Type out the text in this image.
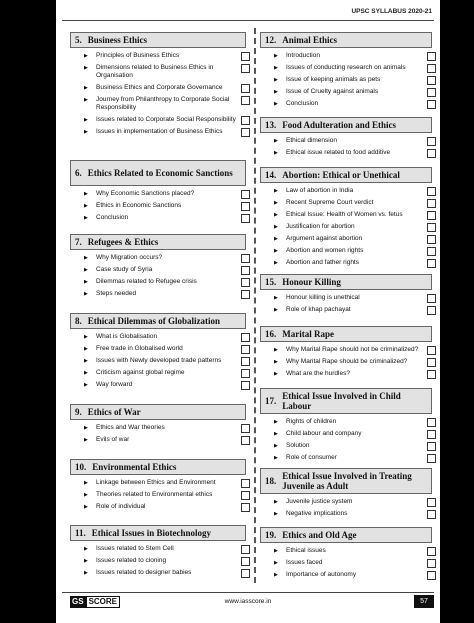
UPSC SYLLABUS 2020-21
5. Business Ethics
▶ Principles of Business Ethics
▶ Dimensions related to Business Ethics in Organisation
▶ Business Ethics and Corporate Governance
▶ Journey from Philanthropy to Corporate Social Responsibility
▶ Issues related to Corporate Social Responsibility
▶ Issues in implementation of Business Ethics
6. Ethics Related to Economic Sanctions
▶ Why Economic Sanctions placed?
▶ Ethics in Economic Sanctions
▶ Conclusion
7. Refugees & Ethics
▶ Why Migration occurs?
▶ Case study of Syria
▶ Dilemmas related to Refugee crisis
▶ Steps needed
8. Ethical Dilemmas of Globalization
▶ What is Globalisation
▶ Free trade in Globalised world
▶ Issues with Newly developed trade patterns
▶ Criticism against global regime
▶ Way forward
9. Ethics of War
▶ Ethics and War theories
▶ Evils of war
10. Environmental Ethics
▶ Linkage between Ethics and Environment
▶ Theories related to Environmental ethics
▶ Role of individual
11. Ethical Issues in Biotechnology
▶ Issues related to Stem Cell
▶ Issues related to cloning
▶ Issues related to designer babies
12. Animal Ethics
▶ Introduction
▶ Issues of conducting research on animals
▶ Issue of keeping animals as pets
▶ Issue of Cruelty against animals
▶ Conclusion
13. Food Adulteration and Ethics
▶ Ethical dimension
▶ Ethical issue related to food additive
14. Abortion: Ethical or Unethical
▶ Law of abortion in India
▶ Recent Supreme Court verdict
▶ Ethical Issue: Health of Women vs. fetus
▶ Justification for abortion
▶ Argument against abortion
▶ Abortion and women rights
▶ Abortion and father rights
15. Honour Killing
▶ Honour killing is unethical
▶ Role of khap pachayat
16. Marital Rape
▶ Why Marital Rape should not be criminalized?
▶ Why Marital Rape should be criminalized?
▶ What are the hurdles?
17. Ethical Issue Involved in Child Labour
▶ Rights of children
▶ Child labour and company
▶ Solution
▶ Role of consumer
18. Ethical Issue Involved in Treating Juvenile as Adult
▶ Juvenile justice system
▶ Negative implications
19. Ethics and Old Age
▶ Ethical issues
▶ Issues faced
▶ Importance of autonomy
GS SCORE	www.iasscore.in	57
